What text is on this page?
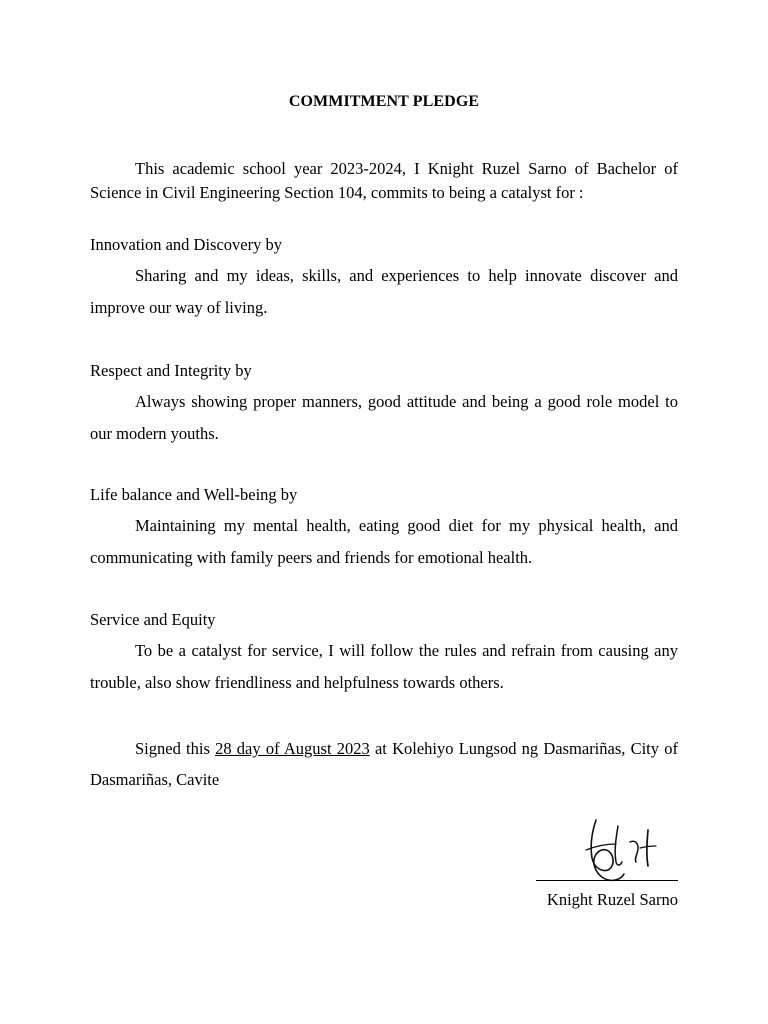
COMMITMENT PLEDGE
This academic school year 2023-2024, I Knight Ruzel Sarno of Bachelor of Science in Civil Engineering Section 104, commits to being a catalyst for :
Innovation and Discovery by
Sharing and my ideas, skills, and experiences to help innovate discover and improve our way of living.
Respect and Integrity by
Always showing proper manners, good attitude and being a good role model to our modern youths.
Life balance and Well-being by
Maintaining my mental health, eating good diet for my physical health, and communicating with family peers and friends for emotional health.
Service and Equity
To be a catalyst for service, I will follow the rules and refrain from causing any trouble, also show friendliness and helpfulness towards others.
Signed this 28 day of August 2023 at Kolehiyo Lungsod ng Dasmariñas, City of Dasmariñas, Cavite
Knight Ruzel Sarno
